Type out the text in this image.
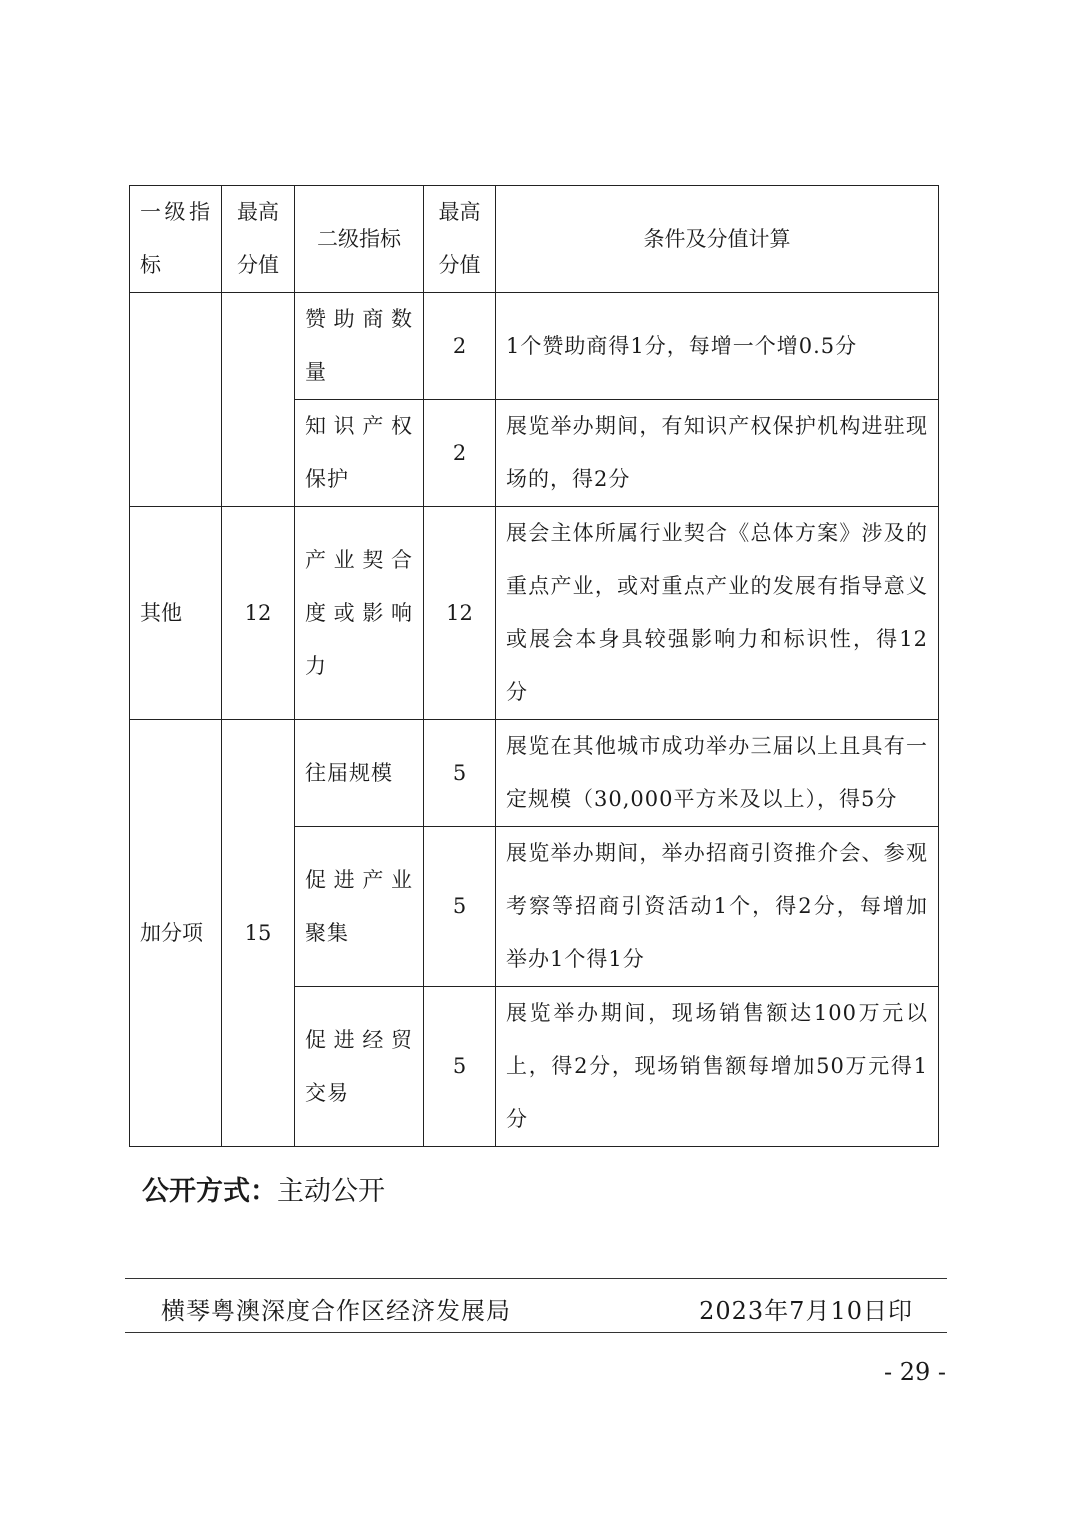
一级指标	最高分值	二级指标	最高分值	条件及分值计算
		赞助商数量	2	1个赞助商得1分，每增一个增0.5分
		知识产权保护	2	展览举办期间，有知识产权保护机构进驻现场的，得2分
其他	12	产业契合度或影响力	12	展会主体所属行业契合《总体方案》涉及的重点产业，或对重点产业的发展有指导意义或展会本身具较强影响力和标识性，得12分
加分项	15	往届规模	5	展览在其他城市成功举办三届以上且具有一定规模（30,000平方米及以上），得5分
		促进产业聚集	5	展览举办期间，举办招商引资推介会、参观考察等招商引资活动1个，得2分，每增加举办1个得1分
		促进经贸交易	5	展览举办期间，现场销售额达100万元以上，得2分，现场销售额每增加50万元得1分
公开方式：主动公开
横琴粤澳深度合作区经济发展局	2023年7月10日印
- 29 -
